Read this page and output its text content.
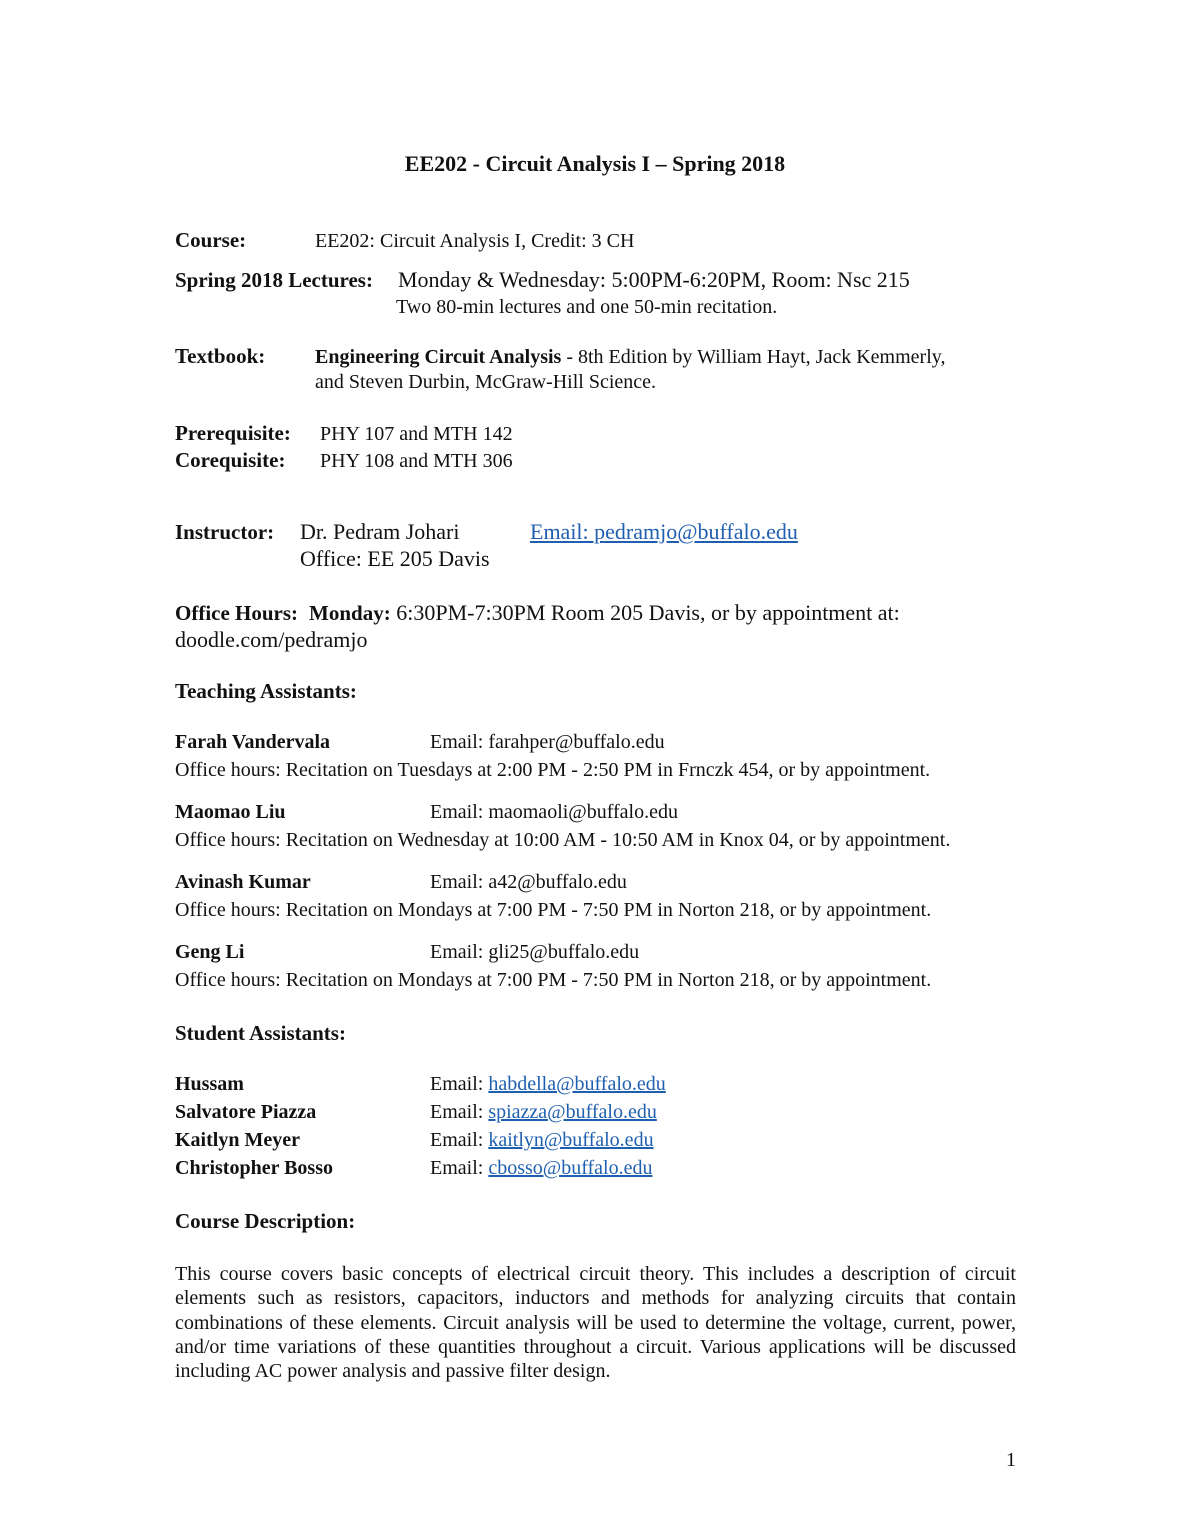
EE202 - Circuit Analysis I – Spring 2018
Course:	EE202: Circuit Analysis I, Credit: 3 CH
Spring 2018 Lectures: Monday & Wednesday: 5:00PM-6:20PM, Room: Nsc 215
Two 80-min lectures and one 50-min recitation.
Textbook: Engineering Circuit Analysis - 8th Edition by William Hayt, Jack Kemmerly,
and Steven Durbin, McGraw-Hill Science.
Prerequisite: PHY 107 and MTH 142
Corequisite: PHY 108 and MTH 306
Instructor: Dr. Pedram Johari	Email: pedramjo@buffalo.edu
Office: EE 205 Davis
Office Hours: Monday: 6:30PM-7:30PM Room 205 Davis, or by appointment at:
doodle.com/pedramjo
Teaching Assistants:
Farah Vandervala	Email: farahper@buffalo.edu
Office hours: Recitation on Tuesdays at 2:00 PM - 2:50 PM in Frnczk 454, or by appointment.
Maomao Liu	Email: maomaoli@buffalo.edu
Office hours: Recitation on Wednesday at 10:00 AM - 10:50 AM in Knox 04, or by appointment.
Avinash Kumar	Email: a42@buffalo.edu
Office hours: Recitation on Mondays at 7:00 PM - 7:50 PM in Norton 218, or by appointment.
Geng Li	Email: gli25@buffalo.edu
Office hours: Recitation on Mondays at 7:00 PM - 7:50 PM in Norton 218, or by appointment.
Student Assistants:
Hussam	Email: habdella@buffalo.edu
Salvatore Piazza	Email: spiazza@buffalo.edu
Kaitlyn Meyer	Email: kaitlyn@buffalo.edu
Christopher Bosso	Email: cbosso@buffalo.edu
Course Description:
This course covers basic concepts of electrical circuit theory. This includes a description of circuit elements such as resistors, capacitors, inductors and methods for analyzing circuits that contain combinations of these elements. Circuit analysis will be used to determine the voltage, current, power, and/or time variations of these quantities throughout a circuit. Various applications will be discussed including AC power analysis and passive filter design.
1
